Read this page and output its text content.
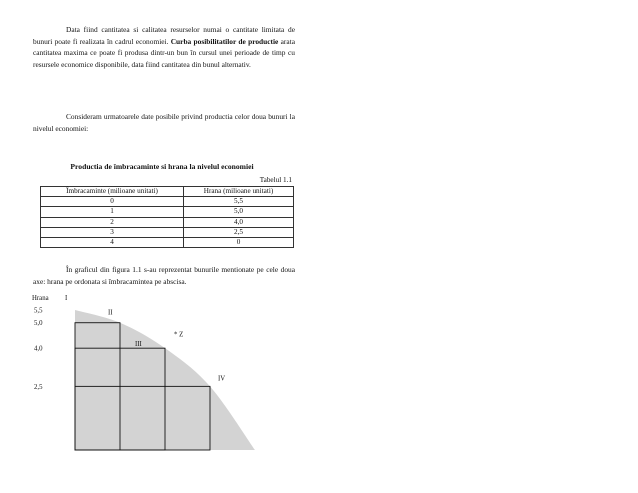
Data fiind cantitatea si calitatea resurselor numai o cantitate limitata de bunuri poate fi realizata în cadrul economiei. Curba posibilitatilor de productie arata cantitatea maxima ce poate fi produsa dintr-un bun în cursul unei perioade de timp cu resursele economice disponibile, data fiind cantitatea din bunul alternativ.

Consideram urmatoarele date posibile privind productia celor doua bunuri la nivelul economiei:

Productia de îmbracaminte si hrana la nivelul economiei

Tabelul 1.1

Îmbracaminte (milioane unitati)	Hrana (milioane unitati)
0	5,5
1	5,0
2	4,0
3	2,5
4	0

În graficul din figura 1.1 s-au reprezentat bunurile mentionate pe cele doua axe: hrana pe ordonata si îmbracamintea pe abscisa.

Hrana
5,5
5,0
4,0
2,5
I
II
III
IV
* Z
